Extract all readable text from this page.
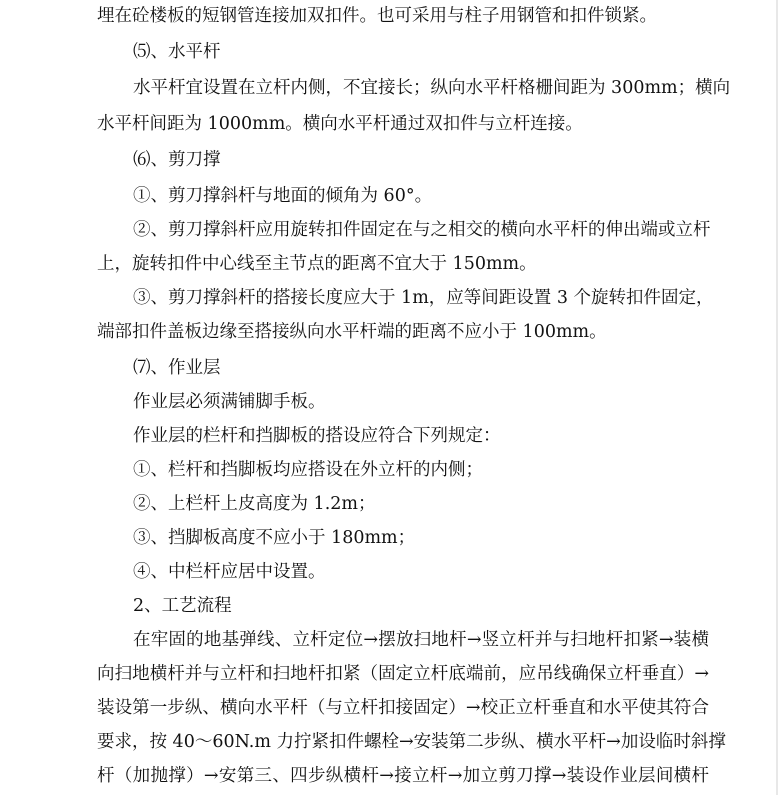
埋在砼楼板的短钢管连接加双扣件。也可采用与柱子用钢管和扣件锁紧。
⑸、水平杆
水平杆宜设置在立杆内侧，不宜接长；纵向水平杆格栅间距为 300mm；横向
水平杆间距为 1000mm。横向水平杆通过双扣件与立杆连接。
⑹、剪刀撑
①、剪刀撑斜杆与地面的倾角为 60°。
②、剪刀撑斜杆应用旋转扣件固定在与之相交的横向水平杆的伸出端或立杆
上，旋转扣件中心线至主节点的距离不宜大于 150mm。
③、剪刀撑斜杆的搭接长度应大于 1m，应等间距设置 3 个旋转扣件固定，
端部扣件盖板边缘至搭接纵向水平杆端的距离不应小于 100mm。
⑺、作业层
作业层必须满铺脚手板。
作业层的栏杆和挡脚板的搭设应符合下列规定：
①、栏杆和挡脚板均应搭设在外立杆的内侧；
②、上栏杆上皮高度为 1.2m；
③、挡脚板高度不应小于 180mm；
④、中栏杆应居中设置。
2、工艺流程
在牢固的地基弹线、立杆定位→摆放扫地杆→竖立杆并与扫地杆扣紧→装横
向扫地横杆并与立杆和扫地杆扣紧（固定立杆底端前，应吊线确保立杆垂直）→
装设第一步纵、横向水平杆（与立杆扣接固定）→校正立杆垂直和水平使其符合
要求，按 40～60N.m 力拧紧扣件螺栓→安装第二步纵、横水平杆→加设临时斜撑
杆（加抛撑）→安第三、四步纵横杆→接立杆→加立剪刀撑→装设作业层间横杆
